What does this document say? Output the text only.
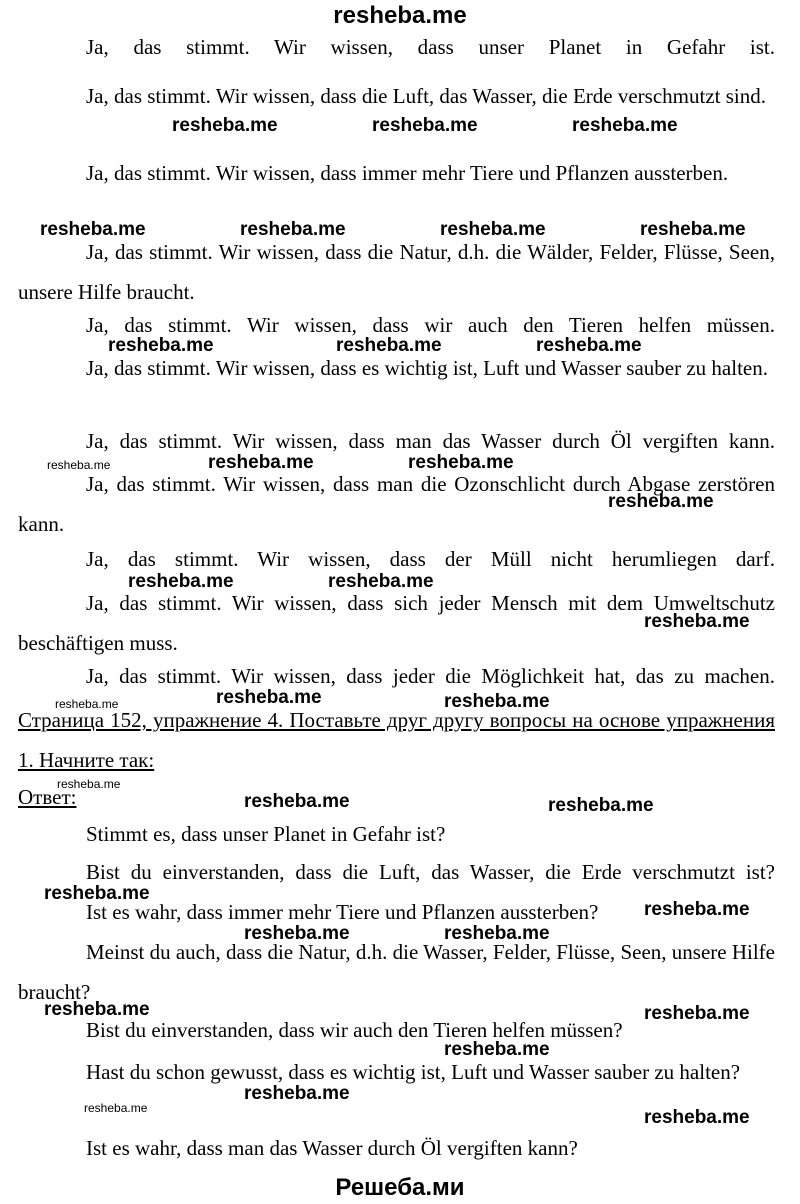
resheba.me
Ja, das stimmt. Wir wissen, dass unser Planet in Gefahr ist.
Ja, das stimmt. Wir wissen, dass die Luft, das Wasser, die Erde verschmutzt sind.
Ja, das stimmt. Wir wissen, dass immer mehr Tiere und Pflanzen aussterben.
Ja, das stimmt. Wir wissen, dass die Natur, d.h. die Wälder, Felder, Flüsse, Seen, unsere Hilfe braucht.
Ja, das stimmt. Wir wissen, dass wir auch den Tieren helfen müssen.
Ja, das stimmt. Wir wissen, dass es wichtig ist, Luft und Wasser sauber zu halten.
Ja, das stimmt. Wir wissen, dass man das Wasser durch Öl vergiften kann.
Ja, das stimmt. Wir wissen, dass man die Ozonschlicht durch Abgase zerstören kann.
Ja, das stimmt. Wir wissen, dass der Müll nicht herumliegen darf.
Ja, das stimmt. Wir wissen, dass sich jeder Mensch mit dem Umweltschutz beschäftigen muss.
Ja, das stimmt. Wir wissen, dass jeder die Möglichkeit hat, das zu machen.
Страница 152, упражнение 4. Поставьте друг другу вопросы на основе упражнения 1. Начните так:
Ответ:
Stimmt es, dass unser Planet in Gefahr ist?
Bist du einverstanden, dass die Luft, das Wasser, die Erde verschmutzt ist?
Ist es wahr, dass immer mehr Tiere und Pflanzen aussterben?
Meinst du auch, dass die Natur, d.h. die Wasser, Felder, Flüsse, Seen, unsere Hilfe braucht?
Bist du einverstanden, dass wir auch den Tieren helfen müssen?
Hast du schon gewusst, dass es wichtig ist, Luft und Wasser sauber zu halten?
Ist es wahr, dass man das Wasser durch Öl vergiften kann?
resheba.me	resheba.me	resheba.me
resheba.me	resheba.me	resheba.me	resheba.me
resheba.me	resheba.me	resheba.me
resheba.me	resheba.me	resheba.me
resheba.me
resheba.me	resheba.me
resheba.me
resheba.me	resheba.me	resheba.me
resheba.me
resheba.me	resheba.me
resheba.me
resheba.me
resheba.me	resheba.me
resheba.me	resheba.me
resheba.me
resheba.me
resheba.me
resheba.me
Решеба.ми
